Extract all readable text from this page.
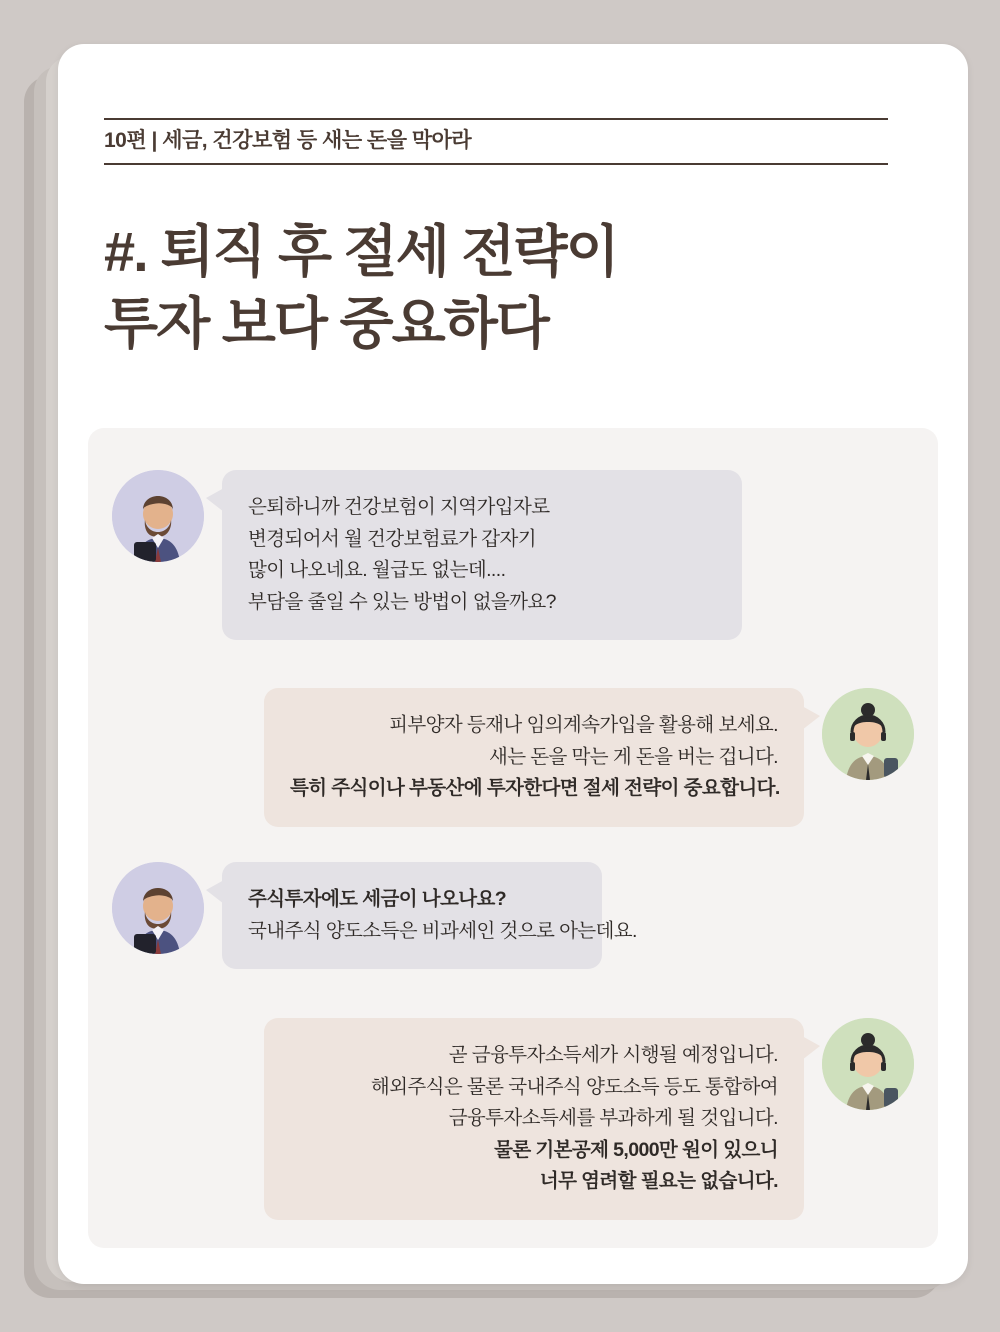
10편 | 세금, 건강보험 등 새는 돈을 막아라
#. 퇴직 후 절세 전략이
투자 보다 중요하다
은퇴하니까 건강보험이 지역가입자로
변경되어서 월 건강보험료가 갑자기
많이 나오네요. 월급도 없는데....
부담을 줄일 수 있는 방법이 없을까요?
피부양자 등재나 임의계속가입을 활용해 보세요.
새는 돈을 막는 게 돈을 버는 겁니다.
특히 주식이나 부동산에 투자한다면 절세 전략이 중요합니다.
주식투자에도 세금이 나오나요?
국내주식 양도소득은 비과세인 것으로 아는데요.
곧 금융투자소득세가 시행될 예정입니다.
해외주식은 물론 국내주식 양도소득 등도 통합하여
금융투자소득세를 부과하게 될 것입니다.
물론 기본공제 5,000만 원이 있으니
너무 염려할 필요는 없습니다.
